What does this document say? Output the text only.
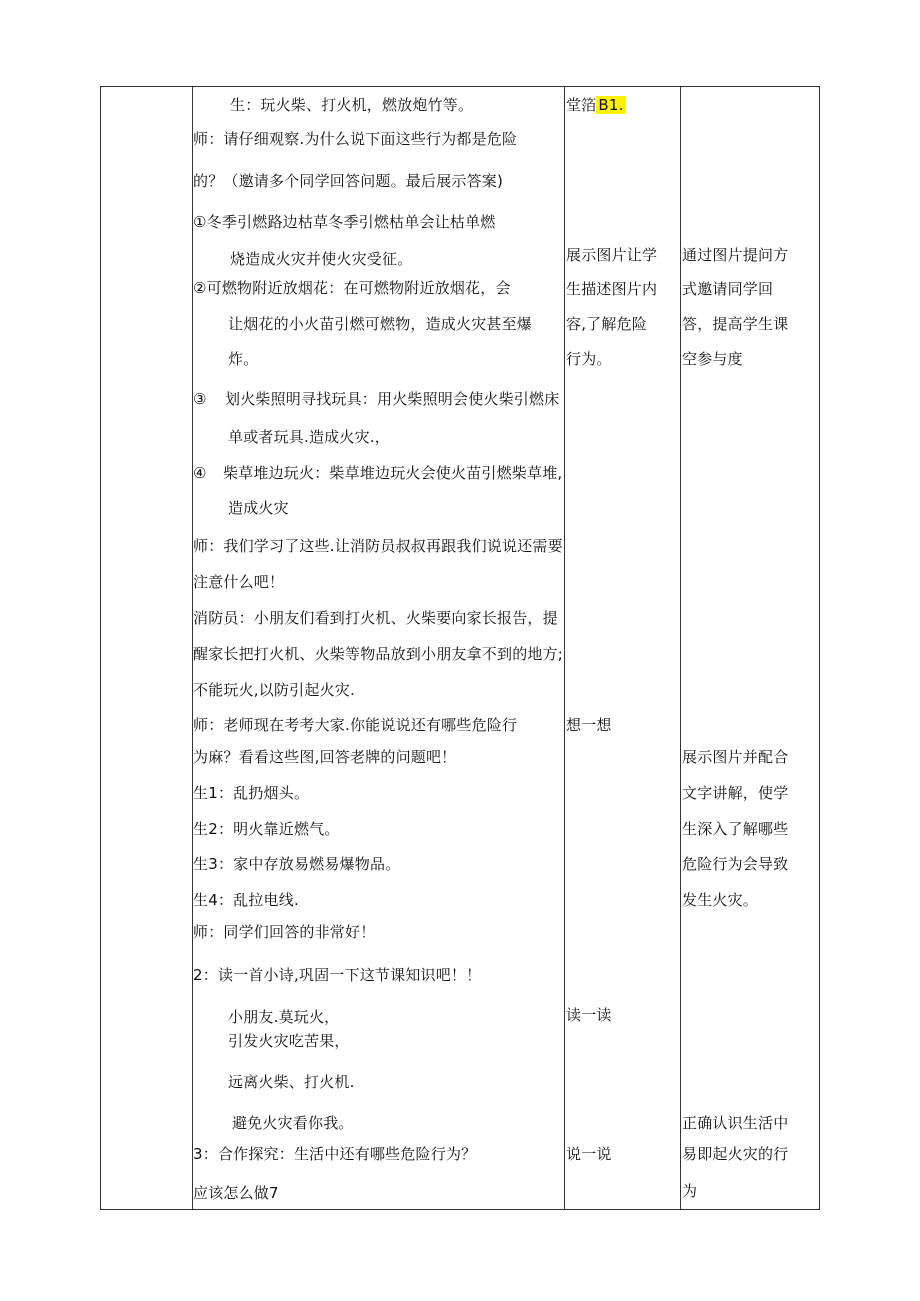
生：玩火柴、打火机，燃放炮竹等。
师：请仔细观察.为什么说下面这些行为都是危险
的？（邀请多个同学回答问题。最后展示答案)
①冬季引燃路边枯草冬季引燃枯单会让枯单燃
烧造成火灾并使火灾受征。
②可燃物附近放烟花：在可燃物附近放烟花，会
让烟花的小火苗引燃可燃物，造成火灾甚至爆
炸。
③ 划火柴照明寻找玩具：用火柴照明会使火柴引燃床
单或者玩具.造成火灾.，
④ 柴草堆边玩火：柴草堆边玩火会使火苗引燃柴草堆,
造成火灾
师：我们学习了这些.让消防员叔叔再跟我们说说还需要
注意什么吧！
消防员：小朋友们看到打火机、火柴要向家长报告，提
醒家长把打火机、火柴等物品放到小朋友拿不到的地方;
不能玩火,以防引起火灾.
师：老师现在考考大家.你能说说还有哪些危险行
为麻？看看这些图,回答老牌的问题吧！
生1：乱扔烟头。
生2：明火靠近燃气。
生3：家中存放易燃易爆物品。
生4：乱拉电线.
师：同学们回答的非常好！
2：读一首小诗,巩固一下这节课知识吧！！
小朋友.莫玩火，
引发火灾吃苦果，
远离火柴、打火机.
避免火灾看你我。
3：合作探究：生活中还有哪些危险行为？
应该怎么做7
堂箔 B1.
展示图片让学
生描述图片内
容,了解危险
行为。
想一想
读一读
说一说
通过图片提问方
式邀请同学回
答，提高学生课
空参与度
展示图片并配合
文字讲解，使学
生深入了解哪些
危险行为会导致
发生火灾。
正确认识生活中
易即起火灾的行
为
